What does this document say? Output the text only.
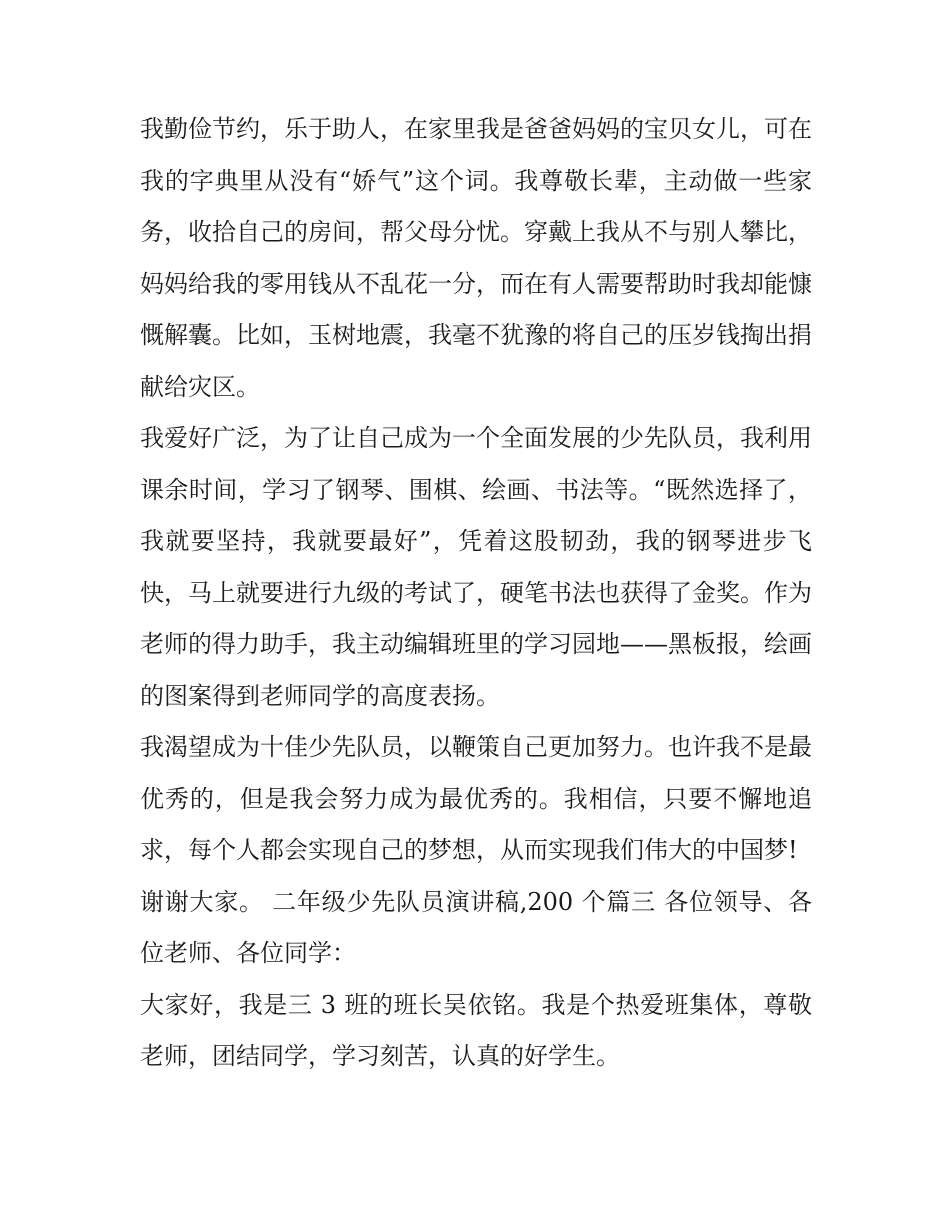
我勤俭节约，乐于助人，在家里我是爸爸妈妈的宝贝女儿，可在我的字典里从没有“娇气”这个词。我尊敬长辈，主动做一些家务，收拾自己的房间，帮父母分忧。穿戴上我从不与别人攀比，妈妈给我的零用钱从不乱花一分，而在有人需要帮助时我却能慷慨解囊。比如，玉树地震，我毫不犹豫的将自己的压岁钱掏出捐献给灾区。

我爱好广泛，为了让自己成为一个全面发展的少先队员，我利用课余时间，学习了钢琴、围棋、绘画、书法等。“既然选择了，我就要坚持，我就要最好”，凭着这股韧劲，我的钢琴进步飞快，马上就要进行九级的考试了，硬笔书法也获得了金奖。作为老师的得力助手，我主动编辑班里的学习园地——黑板报，绘画的图案得到老师同学的高度表扬。

我渴望成为十佳少先队员，以鞭策自己更加努力。也许我不是最优秀的，但是我会努力成为最优秀的。我相信，只要不懈地追求，每个人都会实现自己的梦想，从而实现我们伟大的中国梦!

谢谢大家。 二年级少先队员演讲稿,200 个篇三 各位领导、各位老师、各位同学：

大家好，我是三 3 班的班长吴依铭。我是个热爱班集体，尊敬老师，团结同学，学习刻苦，认真的好学生。
